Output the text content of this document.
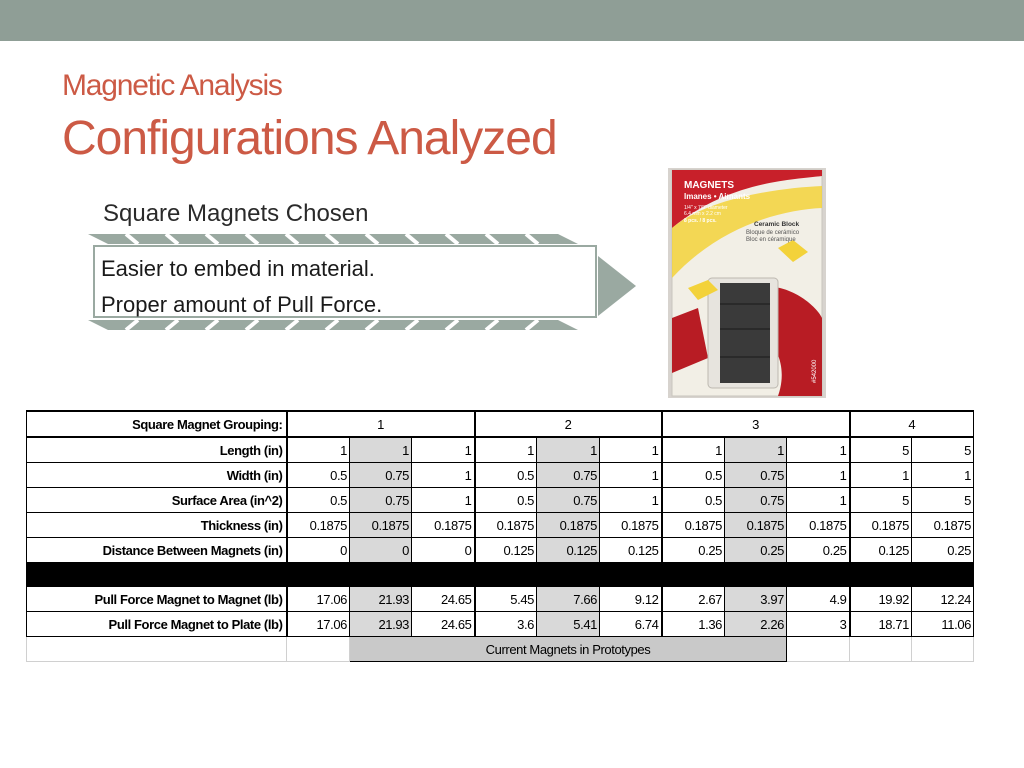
Magnetic Analysis
Configurations Analyzed
Square Magnets Chosen
Easier to embed in material.
Proper amount of Pull Force.
MAGNETS
Imanes • Aimants
1/4" x 7/8" diameter
6.4 mm x 2.2 cm
8 pcs. / 8 pcs.	Ceramic Block
Bloque de cerámico
Bloc en céramique
#542000
Square Magnet Grouping:	1			2			3			4	
Length (in)	1	1	1	1	1	1	1	1	1	5	5
Width (in)	0.5	0.75	1	0.5	0.75	1	0.5	0.75	1	1	1
Surface Area (in^2)	0.5	0.75	1	0.5	0.75	1	0.5	0.75	1	5	5
Thickness (in)	0.1875	0.1875	0.1875	0.1875	0.1875	0.1875	0.1875	0.1875	0.1875	0.1875	0.1875
Distance Between Magnets (in)	0	0	0	0.125	0.125	0.125	0.25	0.25	0.25	0.125	0.25

Pull Force Magnet to Magnet (lb)	17.06	21.93	24.65	5.45	7.66	9.12	2.67	3.97	4.9	19.92	12.24
Pull Force Magnet to Plate (lb)	17.06	21.93	24.65	3.6	5.41	6.74	1.36	2.26	3	18.71	11.06
		Current Magnets in Prototypes									
